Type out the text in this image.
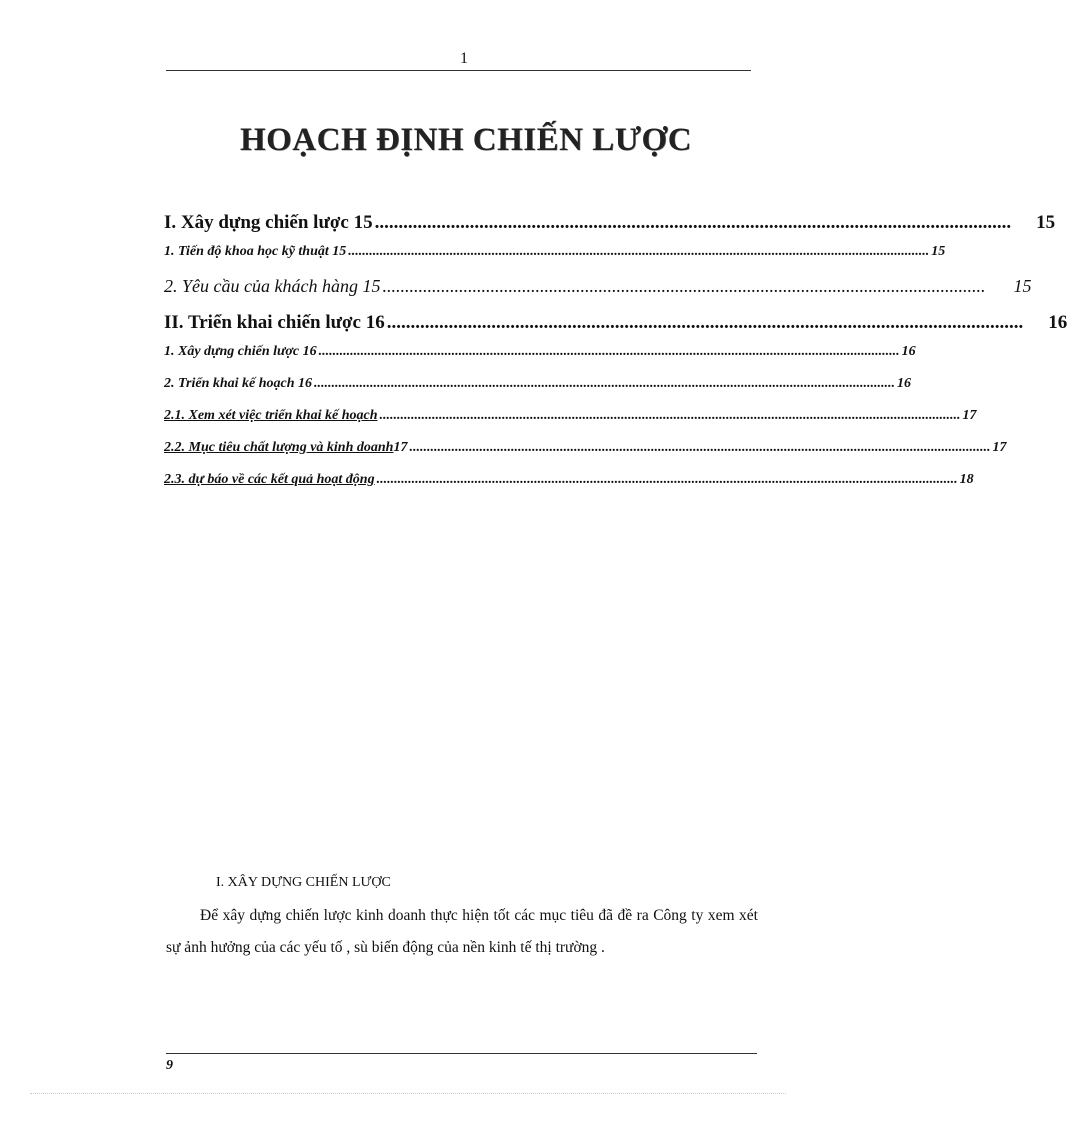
1
HOẠCH ĐỊNH CHIẾN LƯỢC
I. Xây dựng chiến lược 15 ......................................................................................................................................	15
1. Tiến độ khoa học kỹ thuật 15 ...................................................................................................................................................................... 15
2. Yêu cầu của khách hàng 15 ......................................................................................................................................	15
II. Triển khai chiến lược 16 ......................................................................................................................................	16
1. Xây dựng chiến lược 16 ...................................................................................................................................................................... 16
2. Triển khai kế hoạch 16 ...................................................................................................................................................................... 16
2.1. Xem xét việc triển khai kế hoạch ...................................................................................................................................................................... 17
2.2. Mục tiêu chất lượng và kinh doanh 17 ...................................................................................................................................................................... 17
2.3. dự báo về các kết quả hoạt động ...................................................................................................................................................................... 18
I. XÂY DỰNG CHIẾN LƯỢC

Để xây dựng chiến lược kinh doanh thực hiện tốt các mục tiêu đã đề ra Công ty xem xét sự ảnh hưởng của các yếu tố , sù biến động của nền kinh tế thị trường .

9
